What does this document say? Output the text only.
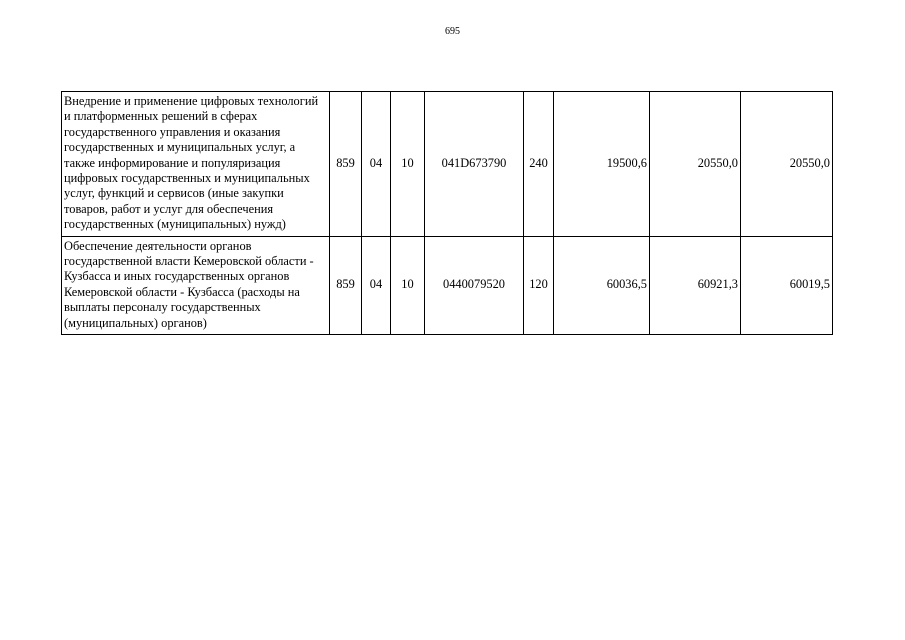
695
Внедрение и применение цифровых технологий и платформенных решений в сферах государственного управления и оказания государственных и муниципальных услуг, а также информирование и популяризация цифровых государственных и муниципальных услуг, функций и сервисов (иные закупки товаров, работ и услуг для обеспечения государственных (муниципальных) нужд)	859	04	10	041D673790	240	19500,6	20550,0	20550,0
Обеспечение деятельности органов государственной власти Кемеровской области - Кузбасса и иных государственных органов Кемеровской области - Кузбасса (расходы на выплаты персоналу государственных (муниципальных) органов)	859	04	10	0440079520	120	60036,5	60921,3	60019,5
